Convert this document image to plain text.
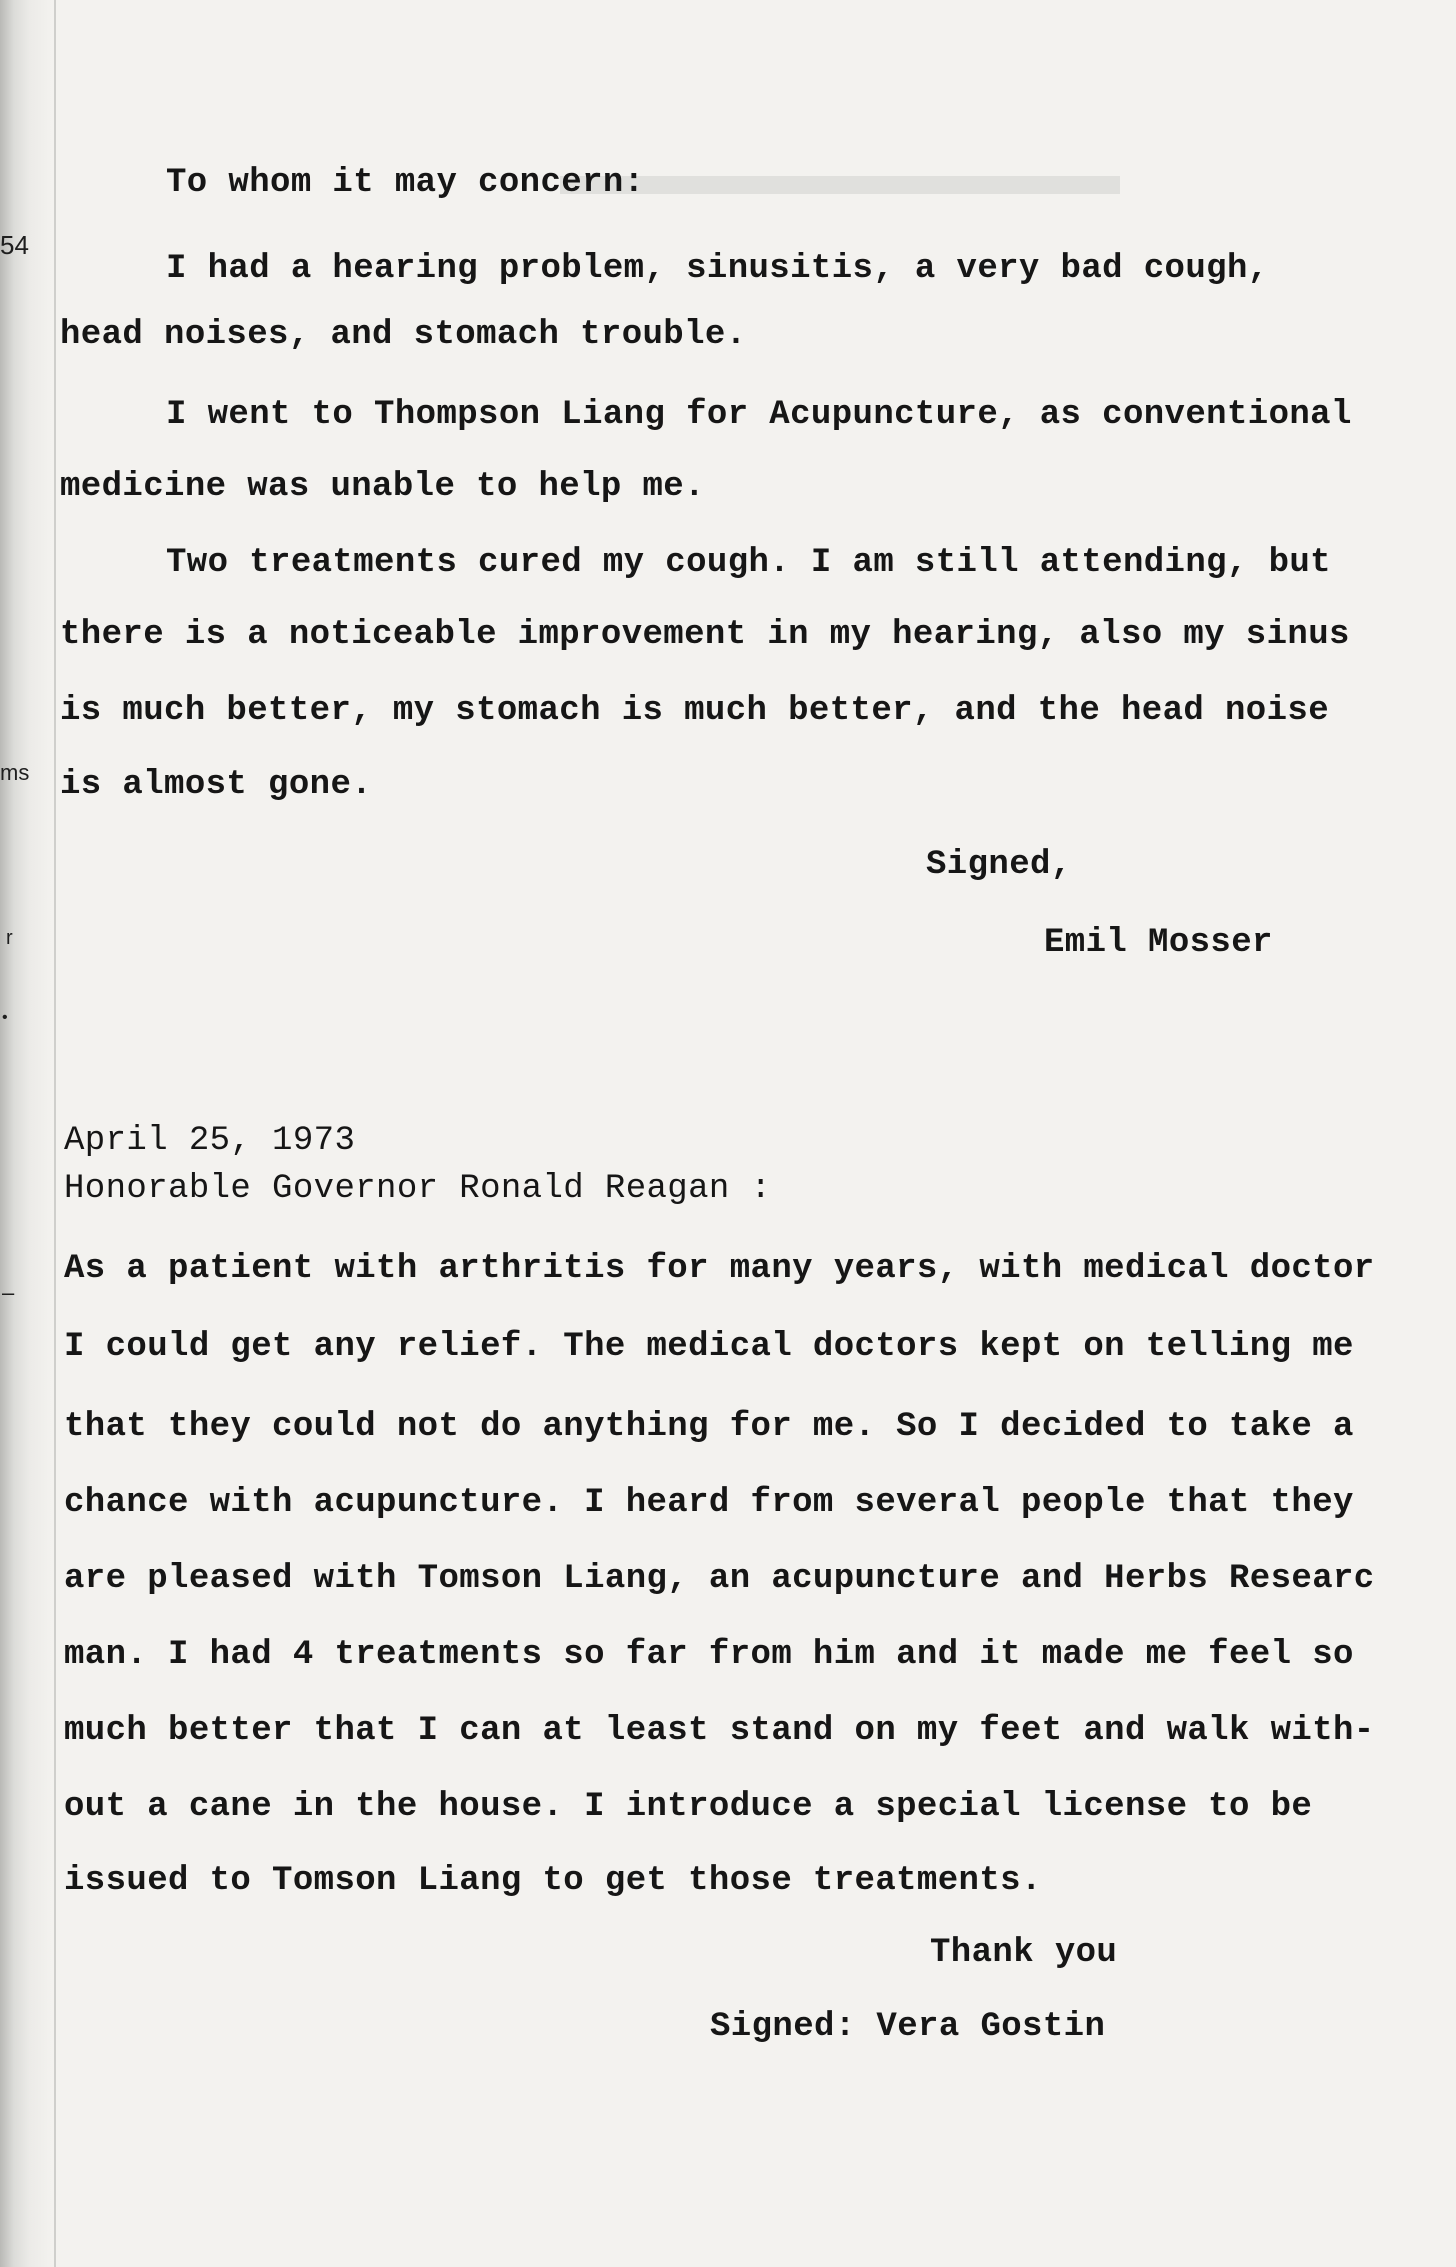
54
ms
r
•
–
To whom it may concern:
I had a hearing problem, sinusitis, a very bad cough,
head noises, and stomach trouble.
I went to Thompson Liang for Acupuncture, as conventional
medicine was unable to help me.
Two treatments cured my cough. I am still attending, but
there is a noticeable improvement in my hearing, also my sinus
is much better, my stomach is much better, and the head noise
is almost gone.
Signed,
Emil Mosser
April 25, 1973
Honorable Governor Ronald Reagan :
As a patient with arthritis for many years, with medical doctor
I could get any relief. The medical doctors kept on telling me
that they could not do anything for me. So I decided to take a
chance with acupuncture. I heard from several people that they
are pleased with Tomson Liang, an acupuncture and Herbs Researc
man. I had 4 treatments so far from him and it made me feel so
much better that I can at least stand on my feet and walk with-
out a cane in the house. I introduce a special license to be
issued to Tomson Liang to get those treatments.
Thank you
Signed: Vera Gostin
